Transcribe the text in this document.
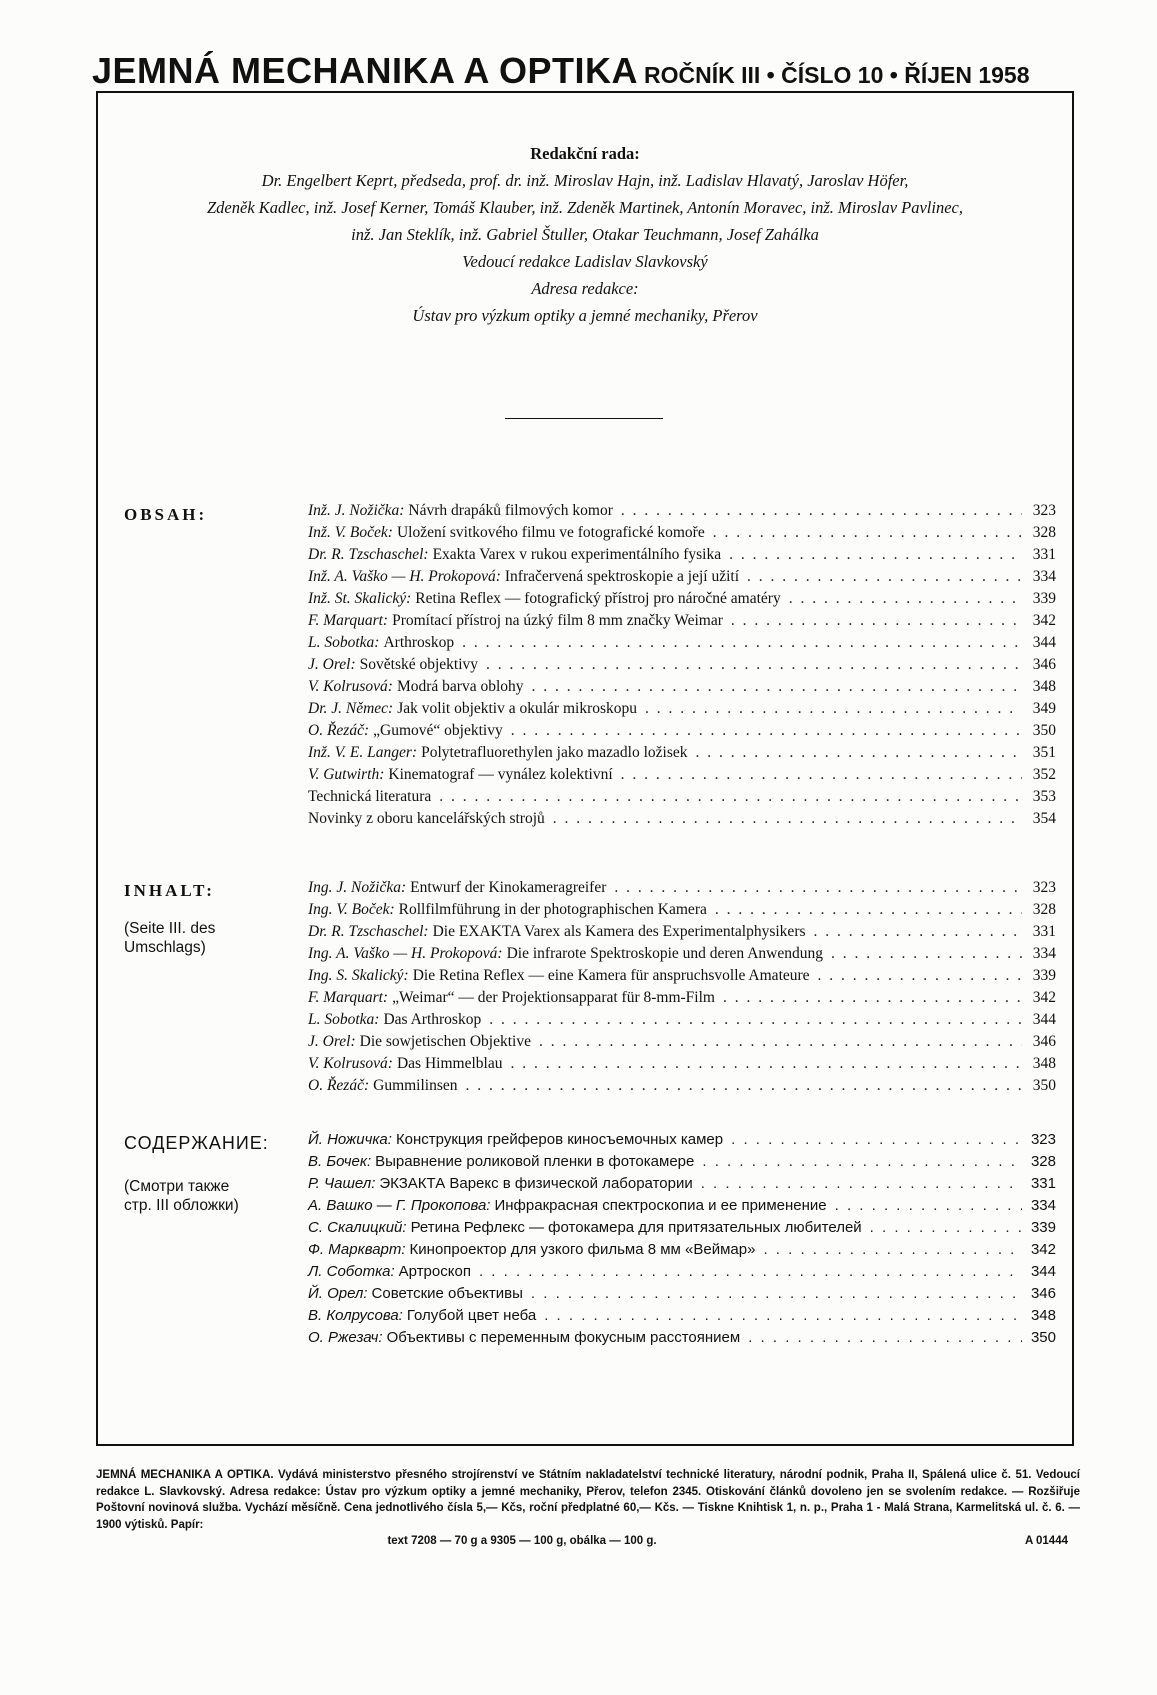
JEMNÁ MECHANIKA A OPTIKA ROČNÍK III • ČÍSLO 10 • ŘÍJEN 1958
Redakční rada:
Dr. Engelbert Keprt, předseda, prof. dr. inž. Miroslav Hajn, inž. Ladislav Hlavatý, Jaroslav Höfer,
Zdeněk Kadlec, inž. Josef Kerner, Tomáš Klauber, inž. Zdeněk Martinek, Antonín Moravec, inž. Miroslav Pavlinec,
inž. Jan Steklík, inž. Gabriel Štuller, Otakar Teuchmann, Josef Zahálka
Vedoucí redakce Ladislav Slavkovský
Adresa redakce:
Ústav pro výzkum optiky a jemné mechaniky, Přerov
OBSAH:	Inž. J. Nožička: Návrh drapáků filmových komor . . .	323
Inž. V. Boček: Uložení svitkového filmu ve fotografické komoře . . .	328
Dr. R. Tzschaschel: Exakta Varex v rukou experimentálního fysika . . .	331
Inž. A. Vaško — H. Prokopová: Infračervená spektroskopie a její užití . . .	334
Inž. St. Skalický: Retina Reflex — fotografický přístroj pro náročné amatéry . . .	339
F. Marquart: Promítací přístroj na úzký film 8 mm značky Weimar . . .	342
L. Sobotka: Arthroskop . . .	344
J. Orel: Sovětské objektivy . . .	346
V. Kolrusová: Modrá barva oblohy . . .	348
Dr. J. Němec: Jak volit objektiv a okulár mikroskopu . . .	349
O. Řezáč: „Gumové“ objektivy . . .	350
Inž. V. E. Langer: Polytetrafluorethylen jako mazadlo ložisek . . .	351
V. Gutwirth: Kinematograf — vynález kolektivní . . .	352
Technická literatura . . .	353
Novinky z oboru kancelářských strojů . . .	354
INHALT:
(Seite III. des
Umschlags)
Ing. J. Nožička: Entwurf der Kinokameragreifer . . .	323
Ing. V. Boček: Rollfilmführung in der photographischen Kamera . . .	328
Dr. R. Tzschaschel: Die EXAKTA Varex als Kamera des Experimentalphysikers . . .	331
Ing. A. Vaško — H. Prokopová: Die infrarote Spektroskopie und deren Anwendung . . .	334
Ing. S. Skalický: Die Retina Reflex — eine Kamera für anspruchsvolle Amateure . . .	339
F. Marquart: „Weimar“ — der Projektionsapparat für 8-mm-Film . . .	342
L. Sobotka: Das Arthroskop . . .	344
J. Orel: Die sowjetischen Objektive . . .	346
V. Kolrusová: Das Himmelblau . . .	348
O. Řezáč: Gummilinsen . . .	350
СОДЕРЖАНИЕ:
(Смотри также
стр. III обложки)
Й. Ножичка: Конструкция грейферов киносъемочных камер . . .	323
В. Бочек: Выравнение роликовой пленки в фотокамере . . .	328
Р. Чашел: ЭКЗАКТА Варекс в физической лаборатории . . .	331
А. Вашко — Г. Прокопова: Инфракрасная спектроскопиа и ее применение . . .	334
С. Скалицкий: Ретина Рефлекс — фотокамера для притязательных любителей . . .	339
Ф. Маркварт: Кинопроектор для узкого фильма 8 мм «Веймар» . . .	342
Л. Соботка: Артроскоп . . .	344
Й. Орел: Советские объективы . . .	346
В. Колрусова: Голубой цвет неба . . .	348
О. Ржезач: Объективы с переменным фокусным расстоянием . . .	350
JEMNÁ MECHANIKA A OPTIKA. Vydává ministerstvo přesného strojírenství ve Státním nakladatelství technické literatury, národní podnik, Praha II, Spálená ulice č. 51. Vedoucí redakce L. Slavkovský. Adresa redakce: Ústav pro výzkum optiky a jemné mechaniky, Přerov, telefon 2345. Otiskování článků dovoleno jen se svolením redakce. — Rozšiřuje Poštovní novinová služba. Vychází měsíčně. Cena jednotlivého čísla 5,— Kčs, roční předplatné 60,— Kčs. — Tiskne Knihtisk 1, n. p., Praha 1 - Malá Strana, Karmelitská ul. č. 6. — 1900 výtisků. Papír:
text 7208 — 70 g a 9305 — 100 g, obálka — 100 g.	A 01444
